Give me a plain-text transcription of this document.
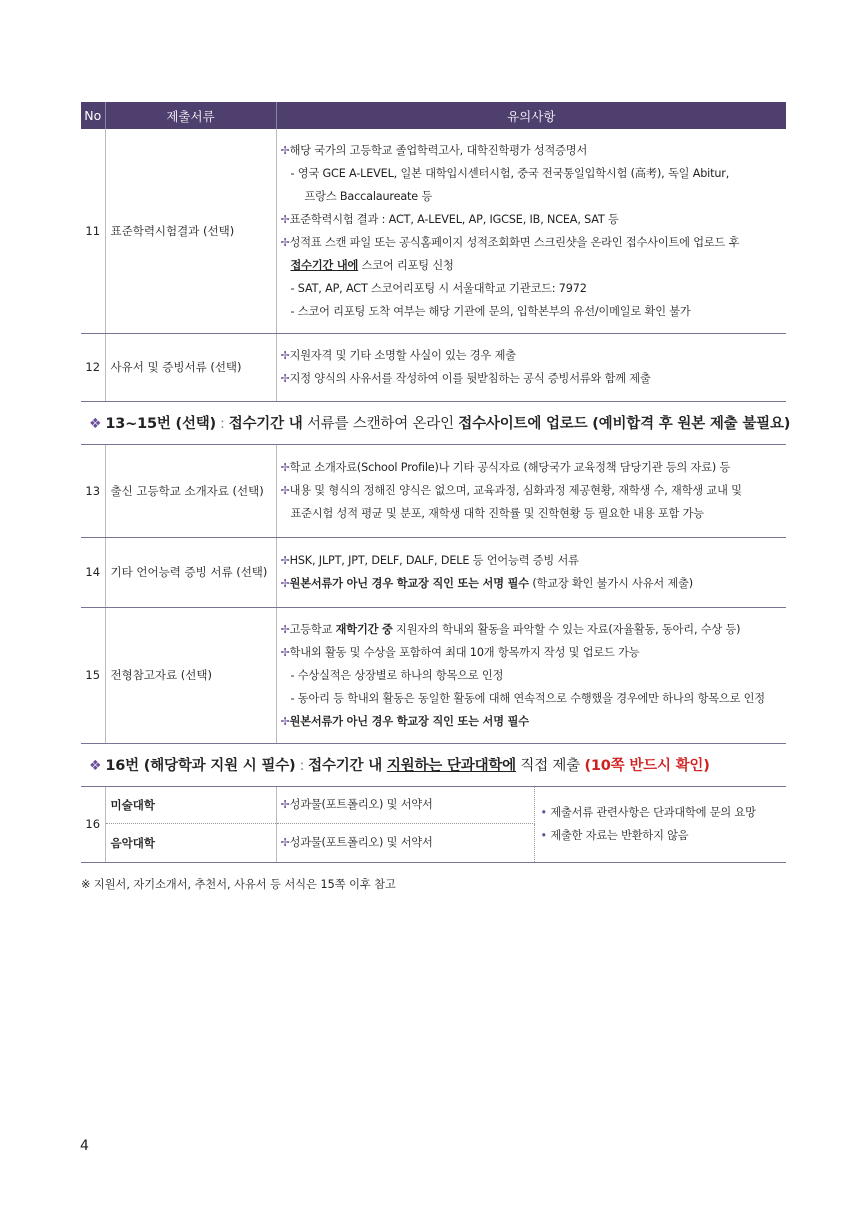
No	제출서류	유의사항
11	표준학력시험결과 (선택)	
✢해당 국가의 고등학교 졸업학력고사, 대학진학평가 성적증명서
- 영국 GCE A-LEVEL, 일본 대학입시센터시험, 중국 전국통일입학시험 (高考), 독일 Abitur,
프랑스 Baccalaureate 등
✢표준학력시험 결과 : ACT, A-LEVEL, AP, IGCSE, IB, NCEA, SAT 등
✢성적표 스캔 파일 또는 공식홈페이지 성적조회화면 스크린샷을 온라인 접수사이트에 업로드 후
접수기간 내에 스코어 리포팅 신청
- SAT, AP, ACT 스코어리포팅 시 서울대학교 기관코드: 7972
- 스코어 리포팅 도착 여부는 해당 기관에 문의, 입학본부의 유선/이메일로 확인 불가

12	사유서 및 증빙서류 (선택)	
✢지원자격 및 기타 소명할 사실이 있는 경우 제출
✢지정 양식의 사유서를 작성하여 이를 뒷받침하는 공식 증빙서류와 함께 제출

❖ 13~15번 (선택) : 접수기간 내 서류를 스캔하여 온라인 접수사이트에 업로드 (예비합격 후 원본 제출 불필요)

13	출신 고등학교 소개자료 (선택)	
✢학교 소개자료(School Profile)나 기타 공식자료 (해당국가 교육정책 담당기관 등의 자료) 등
✢내용 및 형식의 정해진 양식은 없으며, 교육과정, 심화과정 제공현황, 재학생 수, 재학생 교내 및
표준시험 성적 평균 및 분포, 재학생 대학 진학률 및 진학현황 등 필요한 내용 포함 가능

14	기타 언어능력 증빙 서류 (선택)	
✢HSK, JLPT, JPT, DELF, DALF, DELE 등 언어능력 증빙 서류
✢원본서류가 아닌 경우 학교장 직인 또는 서명 필수 (학교장 확인 불가시 사유서 제출)

15	전형참고자료 (선택)	
✢고등학교 재학기간 중 지원자의 학내외 활동을 파악할 수 있는 자료(자율활동, 동아리, 수상 등)
✢학내외 활동 및 수상을 포함하여 최대 10개 항목까지 작성 및 업로드 가능
- 수상실적은 상장별로 하나의 항목으로 인정
- 동아리 등 학내외 활동은 동일한 활동에 대해 연속적으로 수행했을 경우에만 하나의 항목으로 인정
✢원본서류가 아닌 경우 학교장 직인 또는 서명 필수

❖ 16번 (해당학과 지원 시 필수) : 접수기간 내 지원하는 단과대학에 직접 제출 (10쪽 반드시 확인)

16	미술대학	✢성과물(포트폴리오) 및 서약서	
• 제출서류 관련사항은 단과대학에 문의 요망
• 제출한 자료는 반환하지 않음

음악대학	✢성과물(포트폴리오) 및 서약서
※ 지원서, 자기소개서, 추천서, 사유서 등 서식은 15쪽 이후 참고
4
